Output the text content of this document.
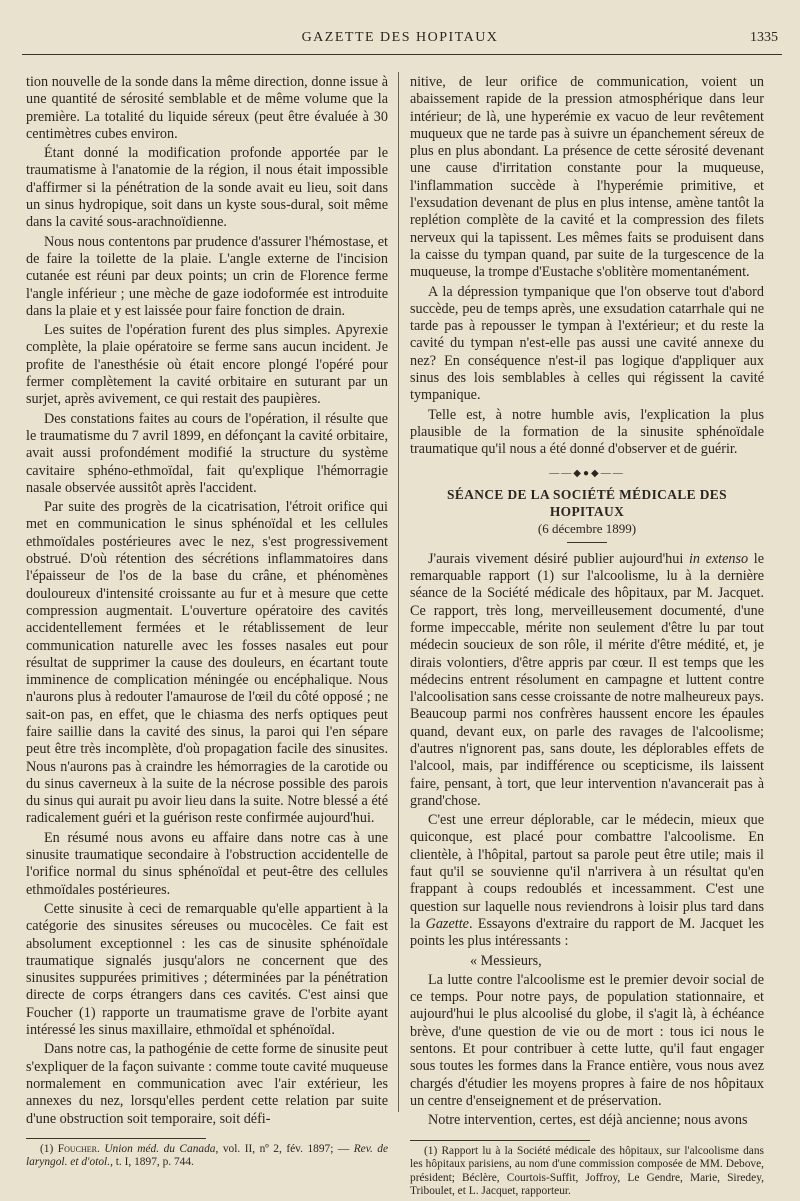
GAZETTE DES HOPITAUX	1335

tion nouvelle de la sonde dans la même direction, donne issue à une quantité de sérosité semblable et de même volume que la première. La totalité du liquide séreux (peut être évaluée à 30 centimètres cubes environ.

Étant donné la modification profonde apportée par le traumatisme à l'anatomie de la région, il nous était impossible d'affirmer si la pénétration de la sonde avait eu lieu, soit dans un sinus hydropique, soit dans un kyste sous-dural, soit même dans la cavité sous-arachnoïdienne.

Nous nous contentons par prudence d'assurer l'hémostase, et de faire la toilette de la plaie. L'angle externe de l'incision cutanée est réuni par deux points; un crin de Florence ferme l'angle inférieur ; une mèche de gaze iodoformée est introduite dans la plaie et y est laissée pour faire fonction de drain.

Les suites de l'opération furent des plus simples. Apyrexie complète, la plaie opératoire se ferme sans aucun incident. Je profite de l'anesthésie où était encore plongé l'opéré pour fermer complètement la cavité orbitaire en suturant par un surjet, après avivement, ce qui restait des paupières.

Des constations faites au cours de l'opération, il résulte que le traumatisme du 7 avril 1899, en défonçant la cavité orbitaire, avait aussi profondément modifié la structure du système cavitaire sphéno-ethmoïdal, fait qu'explique l'hémorragie nasale observée aussitôt après l'accident.

Par suite des progrès de la cicatrisation, l'étroit orifice qui met en communication le sinus sphénoïdal et les cellules ethmoïdales postérieures avec le nez, s'est progressivement obstrué. D'où rétention des sécrétions inflammatoires dans l'épaisseur de l'os de la base du crâne, et phénomènes douloureux d'intensité croissante au fur et à mesure que cette compression augmentait. L'ouverture opératoire des cavités accidentellement fermées et le rétablissement de leur communication naturelle avec les fosses nasales eut pour résultat de supprimer la cause des douleurs, en écartant toute imminence de complication méningée ou encéphalique. Nous n'aurons plus à redouter l'amaurose de l'œil du côté opposé ; ne sait-on pas, en effet, que le chiasma des nerfs optiques peut faire saillie dans la cavité des sinus, la paroi qui l'en sépare peut être très incomplète, d'où propagation facile des sinusites. Nous n'aurons pas à craindre les hémorragies de la carotide ou du sinus caverneux à la suite de la nécrose possible des parois du sinus qui aurait pu avoir lieu dans la suite. Notre blessé a été radicalement guéri et la guérison reste confirmée aujourd'hui.

En résumé nous avons eu affaire dans notre cas à une sinusite traumatique secondaire à l'obstruction accidentelle de l'orifice normal du sinus sphénoïdal et peut-être des cellules ethmoïdales postérieures.

Cette sinusite à ceci de remarquable qu'elle appartient à la catégorie des sinusites séreuses ou mucocèles. Ce fait est absolument exceptionnel : les cas de sinusite sphénoïdale traumatique signalés jusqu'alors ne concernent que des sinusites suppurées primitives ; déterminées par la pénétration directe de corps étrangers dans ces cavités. C'est ainsi que Foucher (1) rapporte un traumatisme grave de l'orbite ayant intéressé les sinus maxillaire, ethmoïdal et sphénoïdal.

Dans notre cas, la pathogénie de cette forme de sinusite peut s'expliquer de la façon suivante : comme toute cavité muqueuse normalement en communication avec l'air extérieur, les annexes du nez, lorsqu'elles perdent cette relation par suite d'une obstruction soit temporaire, soit défi-

(1) Foucher. Union méd. du Canada, vol. II, nº 2, fév. 1897; — Rev. de laryngol. et d'otol., t. I, 1897, p. 744.

nitive, de leur orifice de communication, voient un abaissement rapide de la pression atmosphérique dans leur intérieur; de là, une hyperémie ex vacuo de leur revêtement muqueux que ne tarde pas à suivre un épanchement séreux de plus en plus abondant. La présence de cette sérosité devenant une cause d'irritation constante pour la muqueuse, l'inflammation succède à l'hyperémie primitive, et l'exsudation devenant de plus en plus intense, amène tantôt la replétion complète de la cavité et la compression des filets nerveux qui la tapissent. Les mêmes faits se produisent dans la caisse du tympan quand, par suite de la turgescence de la muqueuse, la trompe d'Eustache s'oblitère momentanément.

A la dépression tympanique que l'on observe tout d'abord succède, peu de temps après, une exsudation catarrhale qui ne tarde pas à repousser le tympan à l'extérieur; et du reste la cavité du tympan n'est-elle pas aussi une cavité annexe du nez? En conséquence n'est-il pas logique d'appliquer aux sinus des lois semblables à celles qui régissent la cavité tympanique.

Telle est, à notre humble avis, l'explication la plus plausible de la formation de la sinusite sphénoïdale traumatique qu'il nous a été donné d'observer et de guérir.

——◆●◆——
SÉANCE DE LA SOCIÉTÉ MÉDICALE DES HOPITAUX
(6 décembre 1899)

J'aurais vivement désiré publier aujourd'hui in extenso le remarquable rapport (1) sur l'alcoolisme, lu à la dernière séance de la Société médicale des hôpitaux, par M. Jacquet. Ce rapport, très long, merveilleusement documenté, d'une forme impeccable, mérite non seulement d'être lu par tout médecin soucieux de son rôle, il mérite d'être médité, et, je dirais volontiers, d'être appris par cœur. Il est temps que les médecins entrent résolument en campagne et luttent contre l'alcoolisation sans cesse croissante de notre malheureux pays. Beaucoup parmi nos confrères haussent encore les épaules quand, devant eux, on parle des ravages de l'alcoolisme; d'autres n'ignorent pas, sans doute, les déplorables effets de l'alcool, mais, par indifférence ou scepticisme, ils laissent faire, pensant, à tort, que leur intervention n'avancerait pas à grand'chose.

C'est une erreur déplorable, car le médecin, mieux que quiconque, est placé pour combattre l'alcoolisme. En clientèle, à l'hôpital, partout sa parole peut être utile; mais il faut qu'il se souvienne qu'il n'arrivera à un résultat qu'en frappant à coups redoublés et incessamment. C'est une question sur laquelle nous reviendrons à loisir plus tard dans la Gazette. Essayons d'extraire du rapport de M. Jacquet les points les plus intéressants :

« Messieurs,

La lutte contre l'alcoolisme est le premier devoir social de ce temps. Pour notre pays, de population stationnaire, et aujourd'hui le plus alcoolisé du globe, il s'agit là, à échéance brève, d'une question de vie ou de mort : tous ici nous le sentons. Et pour contribuer à cette lutte, qu'il faut engager sous toutes les formes dans la France entière, vous nous avez chargés d'étudier les moyens propres à faire de nos hôpitaux un centre d'enseignement et de préservation.

Notre intervention, certes, est déjà ancienne; nous avons

(1) Rapport lu à la Société médicale des hôpitaux, sur l'alcoolisme dans les hôpitaux parisiens, au nom d'une commission composée de MM. Debove, président; Béclère, Courtois-Suffit, Joffroy, Le Gendre, Marie, Siredey, Triboulet, et L. Jacquet, rapporteur.
